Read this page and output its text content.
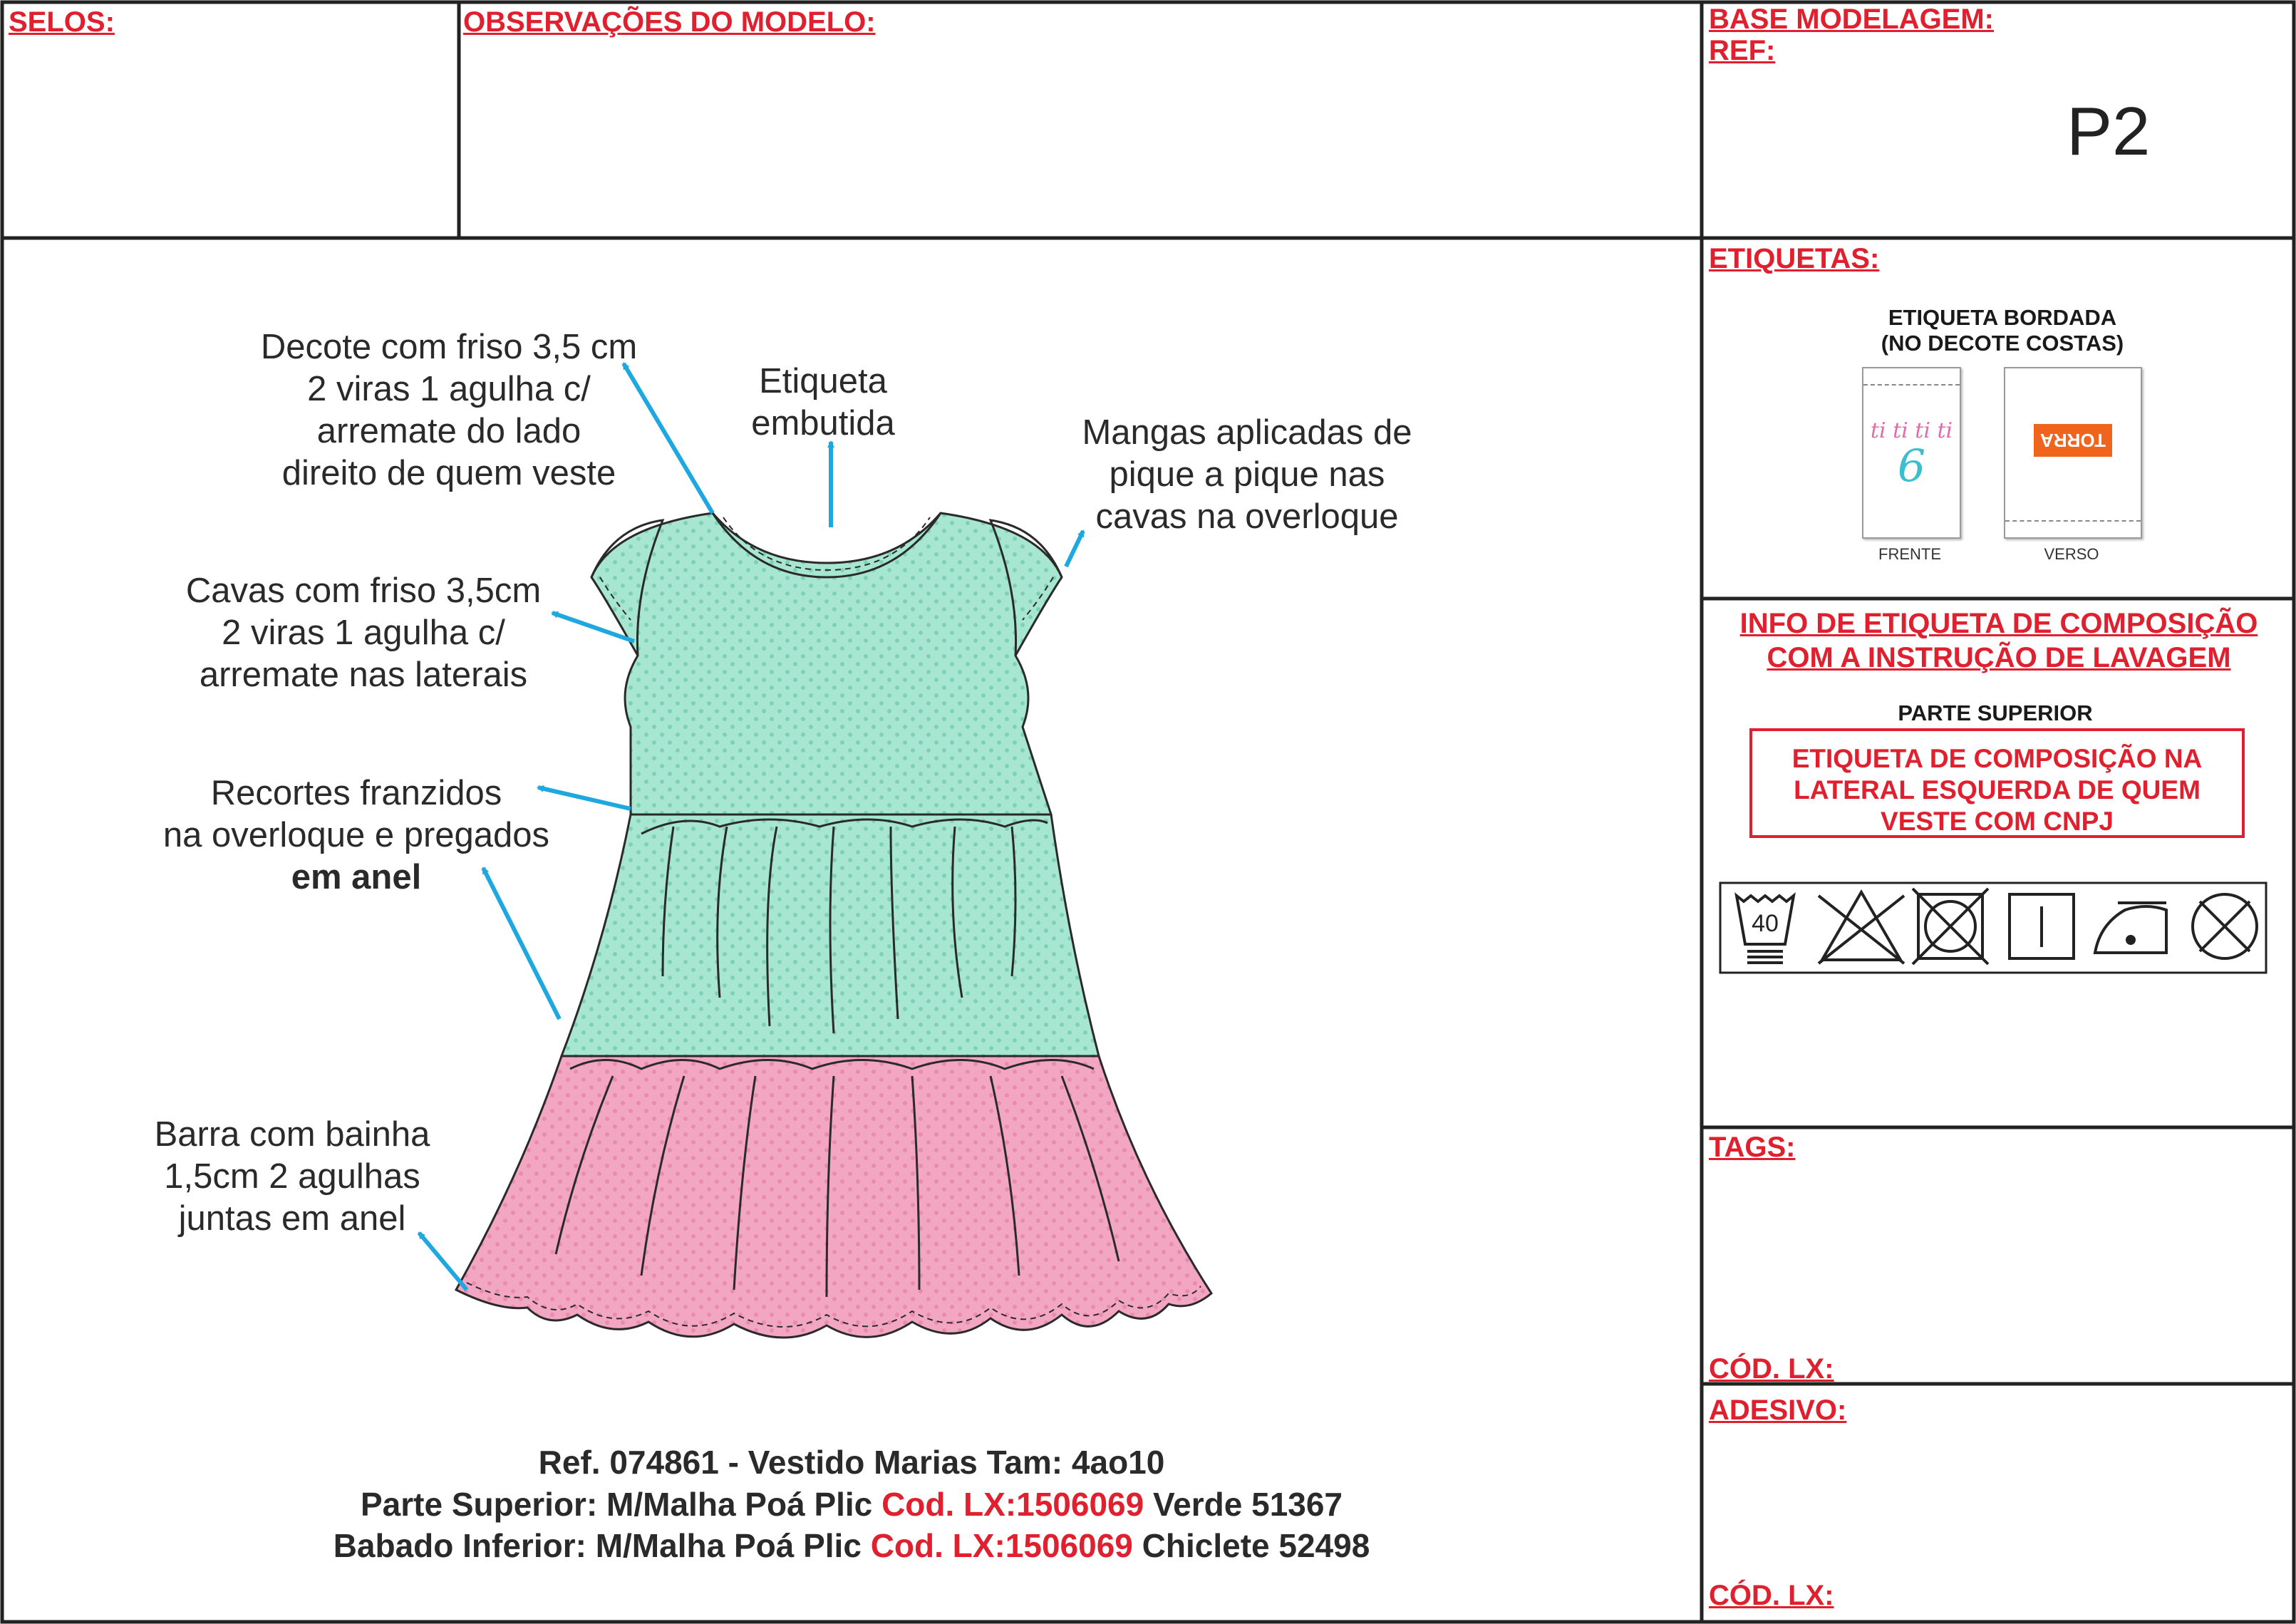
SELOS:	OBSERVAÇÕES DO MODELO:	BASE MODELAGEM:
REF:
P2
Decote com friso 3,5 cm
2 viras 1 agulha c/
arremate do lado
direito de quem veste
Etiqueta
embutida	Mangas aplicadas de
pique a pique nas
cavas na overloque
Cavas com friso 3,5cm
2 viras 1 agulha c/
arremate nas laterais
Recortes franzidos
na overloque e pregados
em anel
Barra com bainha
1,5cm 2 agulhas
juntas em anel
Ref. 074861 - Vestido Marias Tam: 4ao10
Parte Superior: M/Malha Poá Plic Cod. LX:1506069 Verde 51367
Babado Inferior: M/Malha Poá Plic Cod. LX:1506069 Chiclete 52498
ETIQUETAS:
ETIQUETA BORDADA
(NO DECOTE COSTAS)
ti ti ti ti
6	TORRA
FRENTE	VERSO
INFO DE ETIQUETA DE COMPOSIÇÃO
COM A INSTRUÇÃO DE LAVAGEM
PARTE SUPERIOR
ETIQUETA DE COMPOSIÇÃO NA
LATERAL ESQUERDA DE QUEM
VESTE COM CNPJ
40
TAGS:
CÓD. LX:
ADESIVO:
CÓD. LX:
